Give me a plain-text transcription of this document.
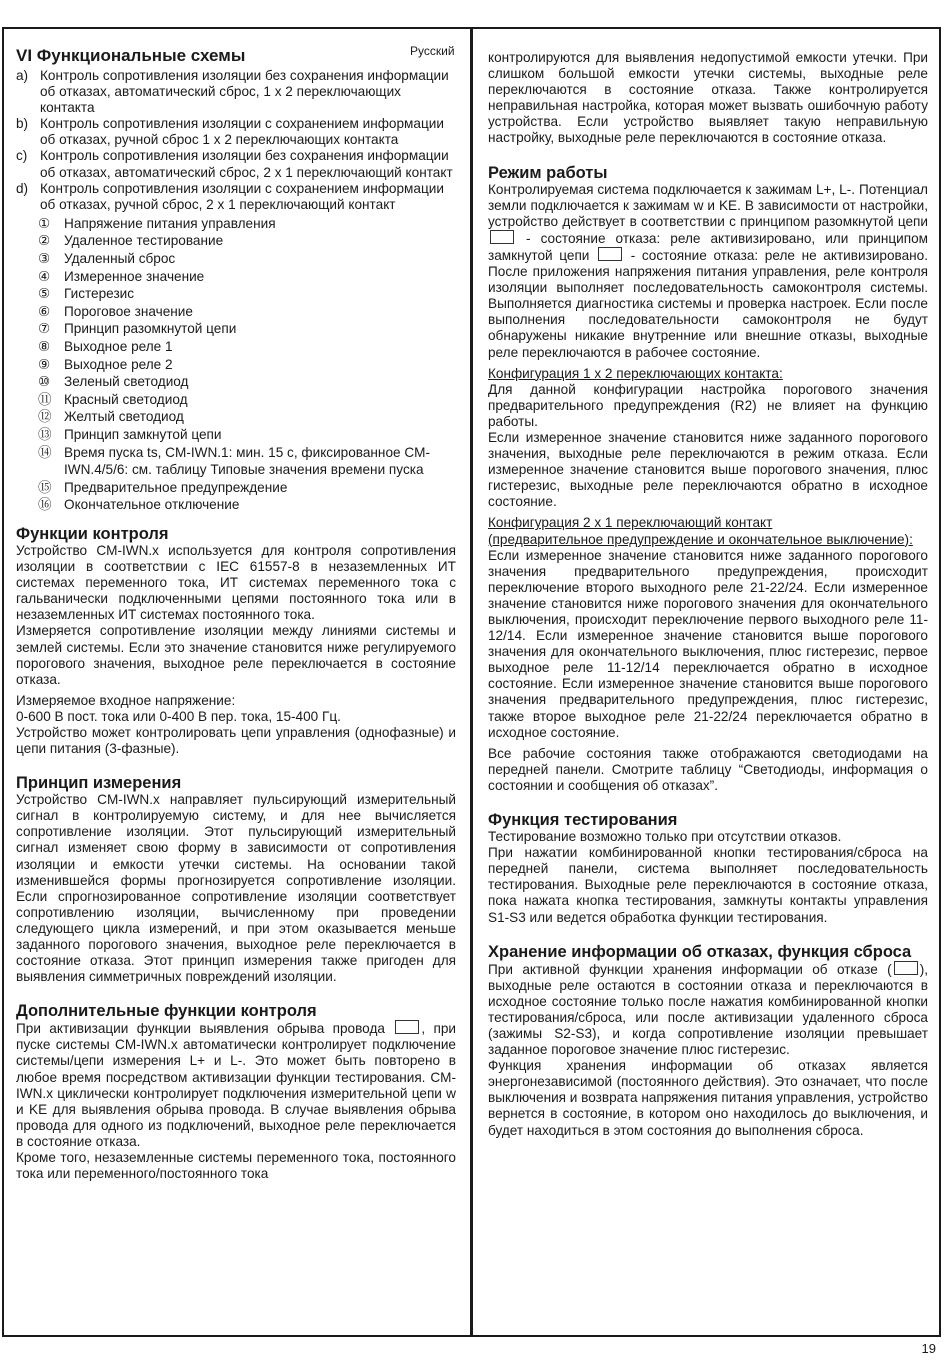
Русский
VI Функциональные схемы
a) Контроль сопротивления изоляции без сохранения информации об отказах, автоматический сброс, 1 x 2 переключающих контакта
b) Контроль сопротивления изоляции с сохранением информации об отказах, ручной сброс 1 x 2 переключающих контакта
c) Контроль сопротивления изоляции без сохранения информации об отказах, автоматический сброс, 2 x 1 переключающий контакт
d) Контроль сопротивления изоляции с сохранением информации об отказах, ручной сброс, 2 x 1 переключающий контакт
①	Напряжение питания управления
②	Удаленное тестирование
③	Удаленный сброс
④	Измеренное значение
⑤	Гистерезис
⑥	Пороговое значение
⑦	Принцип разомкнутой цепи
⑧	Выходное реле 1
⑨	Выходное реле 2
⑩	Зеленый светодиод
⑪ Красный светодиод
⑫ Желтый светодиод
⑬ Принцип замкнутой цепи
⑭ Время пуска ts, CM-IWN.1: мин. 15 с, фиксированное CM-IWN.4/5/6: см. таблицу Типовые значения времени пуска
⑮ Предварительное предупреждение
⑯ Окончательное отключение
Функции контроля

Устройство CM-IWN.x используется для контроля сопротивления изоляции в соответствии с IEC 61557-8 в незаземленных ИТ системах переменного тока, ИТ системах переменного тока с гальванически подключенными цепями постоянного тока или в незаземленных ИТ системах постоянного тока.

Измеряется сопротивление изоляции между линиями системы и землей системы. Если это значение становится ниже регулируемого порогового значения, выходное реле переключается в состояние отказа.

Измеряемое входное напряжение:

0-600 В пост. тока или 0-400 В пер. тока, 15-400 Гц.

Устройство может контролировать цепи управления (однофазные) и цепи питания (3-фазные).

Принцип измерения

Устройство CM-IWN.x направляет пульсирующий измерительный сигнал в контролируемую систему, и для нее вычисляется сопротивление изоляции. Этот пульсирующий измерительный сигнал изменяет свою форму в зависимости от сопротивления изоляции и емкости утечки системы. На основании такой изменившейся формы прогнозируется сопротивление изоляции. Если спрогнозированное сопротивление изоляции соответствует сопротивлению изоляции, вычисленному при проведении следующего цикла измерений, и при этом оказывается меньше заданного порогового значения, выходное реле переключается в состояние отказа. Этот принцип измерения также пригоден для выявления симметричных повреждений изоляции.

Дополнительные функции контроля

При активизации функции выявления обрыва провода	, при пуске системы CM-IWN.x автоматически контролирует подключение системы/цепи измерения L+ и L-. Это может быть повторено в любое время посредством активизации функции тестирования. CM-IWN.x циклически контролирует подключения измерительной цепи w и KE для выявления обрыва провода. В случае выявления обрыва провода для одного из подключений, выходное реле переключается в состояние отказа.

Кроме того, незаземленные системы переменного тока, постоянного тока или переменного/постоянного тока

контролируются для выявления недопустимой емкости утечки. При слишком большой емкости утечки системы, выходные реле переключаются в состояние отказа. Также контролируется неправильная настройка, которая может вызвать ошибочную работу устройства. Если устройство выявляет такую неправильную настройку, выходные реле переключаются в состояние отказа.

Режим работы

Контролируемая система подключается к зажимам L+, L-. Потенциал земли подключается к зажимам w и KE. В зависимости от настройки, устройство действует в соответствии с принципом разомкнутой цепи  - состояние отказа: реле активизировано, или принципом замкнутой цепи	- состояние отказа: реле не активизировано. После приложения напряжения питания управления, реле контроля изоляции выполняет последовательность самоконтроля системы. Выполняется диагностика системы и проверка настроек. Если после выполнения последовательности самоконтроля не будут обнаружены никакие внутренние или внешние отказы, выходные реле переключаются в рабочее состояние.

Конфигурация 1 x 2 переключающих контакта:

Для данной конфигурации настройка порогового значения предварительного предупреждения (R2) не влияет на функцию работы.

Если измеренное значение становится ниже заданного порогового значения, выходные реле переключаются в режим отказа. Если измеренное значение становится выше порогового значения, плюс гистерезис, выходные реле переключаются обратно в исходное состояние.

Конфигурация 2 x 1 переключающий контакт
(предварительное предупреждение и окончательное выключение):

Если измеренное значение становится ниже заданного порогового значения предварительного предупреждения, происходит переключение второго выходного реле 21-22/24. Если измеренное значение становится ниже порогового значения для окончательного выключения, происходит переключение первого выходного реле 11-12/14. Если измеренное значение становится выше порогового значения для окончательного выключения, плюс гистерезис, первое выходное реле 11-12/14 переключается обратно в исходное состояние. Если измеренное значение становится выше порогового значения предварительного предупреждения, плюс гистерезис, также второе выходное реле 21-22/24 переключается обратно в исходное состояние.

Все рабочие состояния также отображаются светодиодами на передней панели. Смотрите таблицу “Светодиоды, информация о состоянии и сообщения об отказах”.

Функция тестирования

Тестирование возможно только при отсутствии отказов.

При нажатии комбинированной кнопки тестирования/сброса на передней панели, система выполняет последовательность тестирования. Выходные реле переключаются в состояние отказа, пока нажата кнопка тестирования, замкнуты контакты управления S1-S3 или ведется обработка функции тестирования.

Хранение информации об отказах, функция сброса

При активной функции хранения информации об отказе ( ), выходные реле остаются в состоянии отказа и переключаются в исходное состояние только после нажатия комбинированной кнопки тестирования/сброса, или после активизации удаленного сброса (зажимы S2-S3), и когда сопротивление изоляции превышает заданное пороговое значение плюс гистерезис.

Функция хранения информации об отказах является энергонезависимой (постоянного действия). Это означает, что после выключения и возврата напряжения питания управления, устройство вернется в состояние, в котором оно находилось до выключения, и будет находиться в этом состояния до выполнения сброса.

19
